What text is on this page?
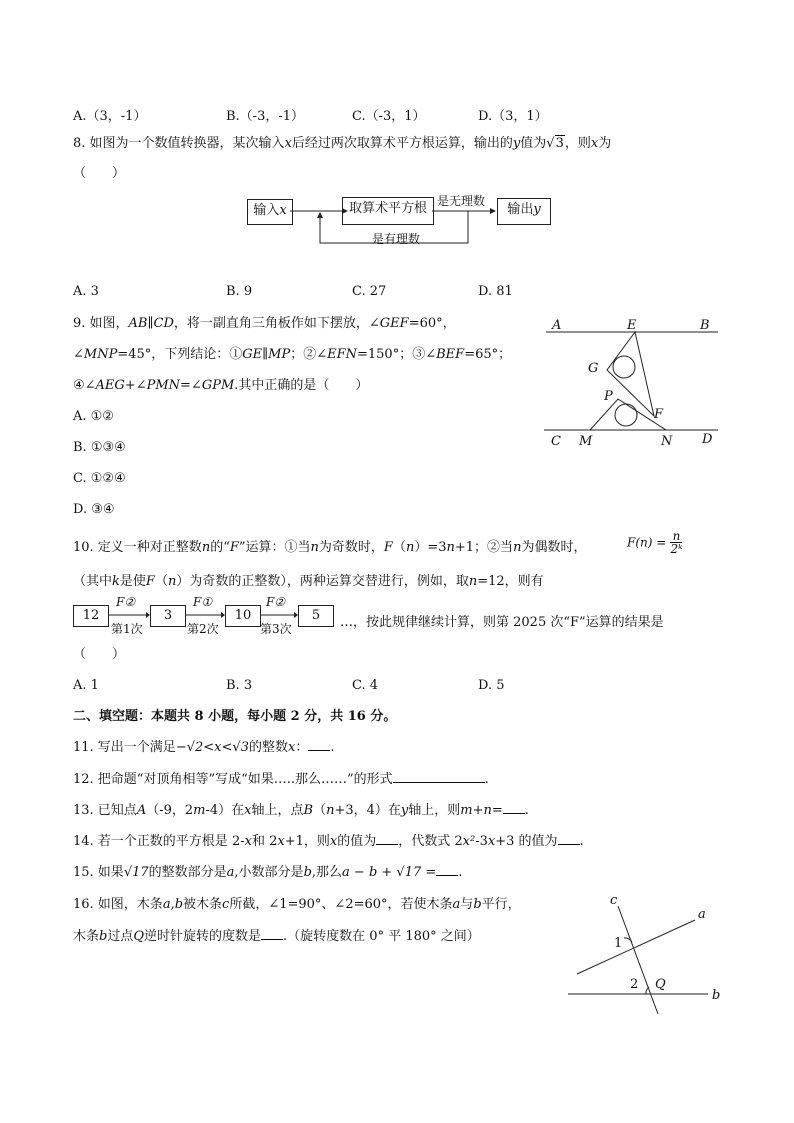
A.（3，-1）	B.（-3，-1）	C.（-3，1）	D.（3，1）
8. 如图为一个数值转换器，某次输入x后经过两次取算术平方根运算，输出的y值为√3，则x为
（　　）
输入x	取算术平方根 是无理数
输出y
是有理数
A. 3	B. 9	C. 27	D. 81
9. 如图，AB∥CD，将一副直角三角板作如下摆放，∠GEF=60°，
∠MNP=45°，下列结论：①GE∥MP；②∠EFN=150°；③∠BEF=65°；
④∠AEG+∠PMN=∠GPM.其中正确的是（　　）
A. ①②
B. ①③④
C. ①②④
D. ③④
A	E	B
G
P
F
C M	N D
10. 定义一种对正整数n的“F”运算：①当n为奇数时，F（n）=3n+1；②当n为偶数时，	$F(n) = \frac{n}{\text{2ᵏ}}$
（其中k是使F（n）为奇数的正整数），两种运算交替进行，例如，取n=12，则有
12	3	10	5
F②	F①	F②
第1次	第2次	第3次	…，按此规律继续计算，则第 2025 次“F”运算的结果是
（　　）
A. 1	B. 3	C. 4	D. 5
二、填空题：本题共 8 小题，每小题 2 分，共 16 分。
11. 写出一个满足−√2<x<√3的整数x： .
12. 把命题“对顶角相等”写成“如果…..那么……”的形式	.
13. 已知点A（-9，2m-4）在x轴上，点B（n+3，4）在y轴上，则m+n= .
14. 若一个正数的平方根是 2-x和 2x+1，则x的值为 ，代数式 2x²-3x+3 的值为 .
15. 如果√17的整数部分是a,小数部分是b,那么a − b + √17 = .
16. 如图，木条a,b被木条c所截，∠1=90°、∠2=60°，若使木条a与b平行，
木条b过点Q逆时针旋转的度数是 .（旋转度数在 0° 平 180° 之间）
c
a
1
2 Q
b
